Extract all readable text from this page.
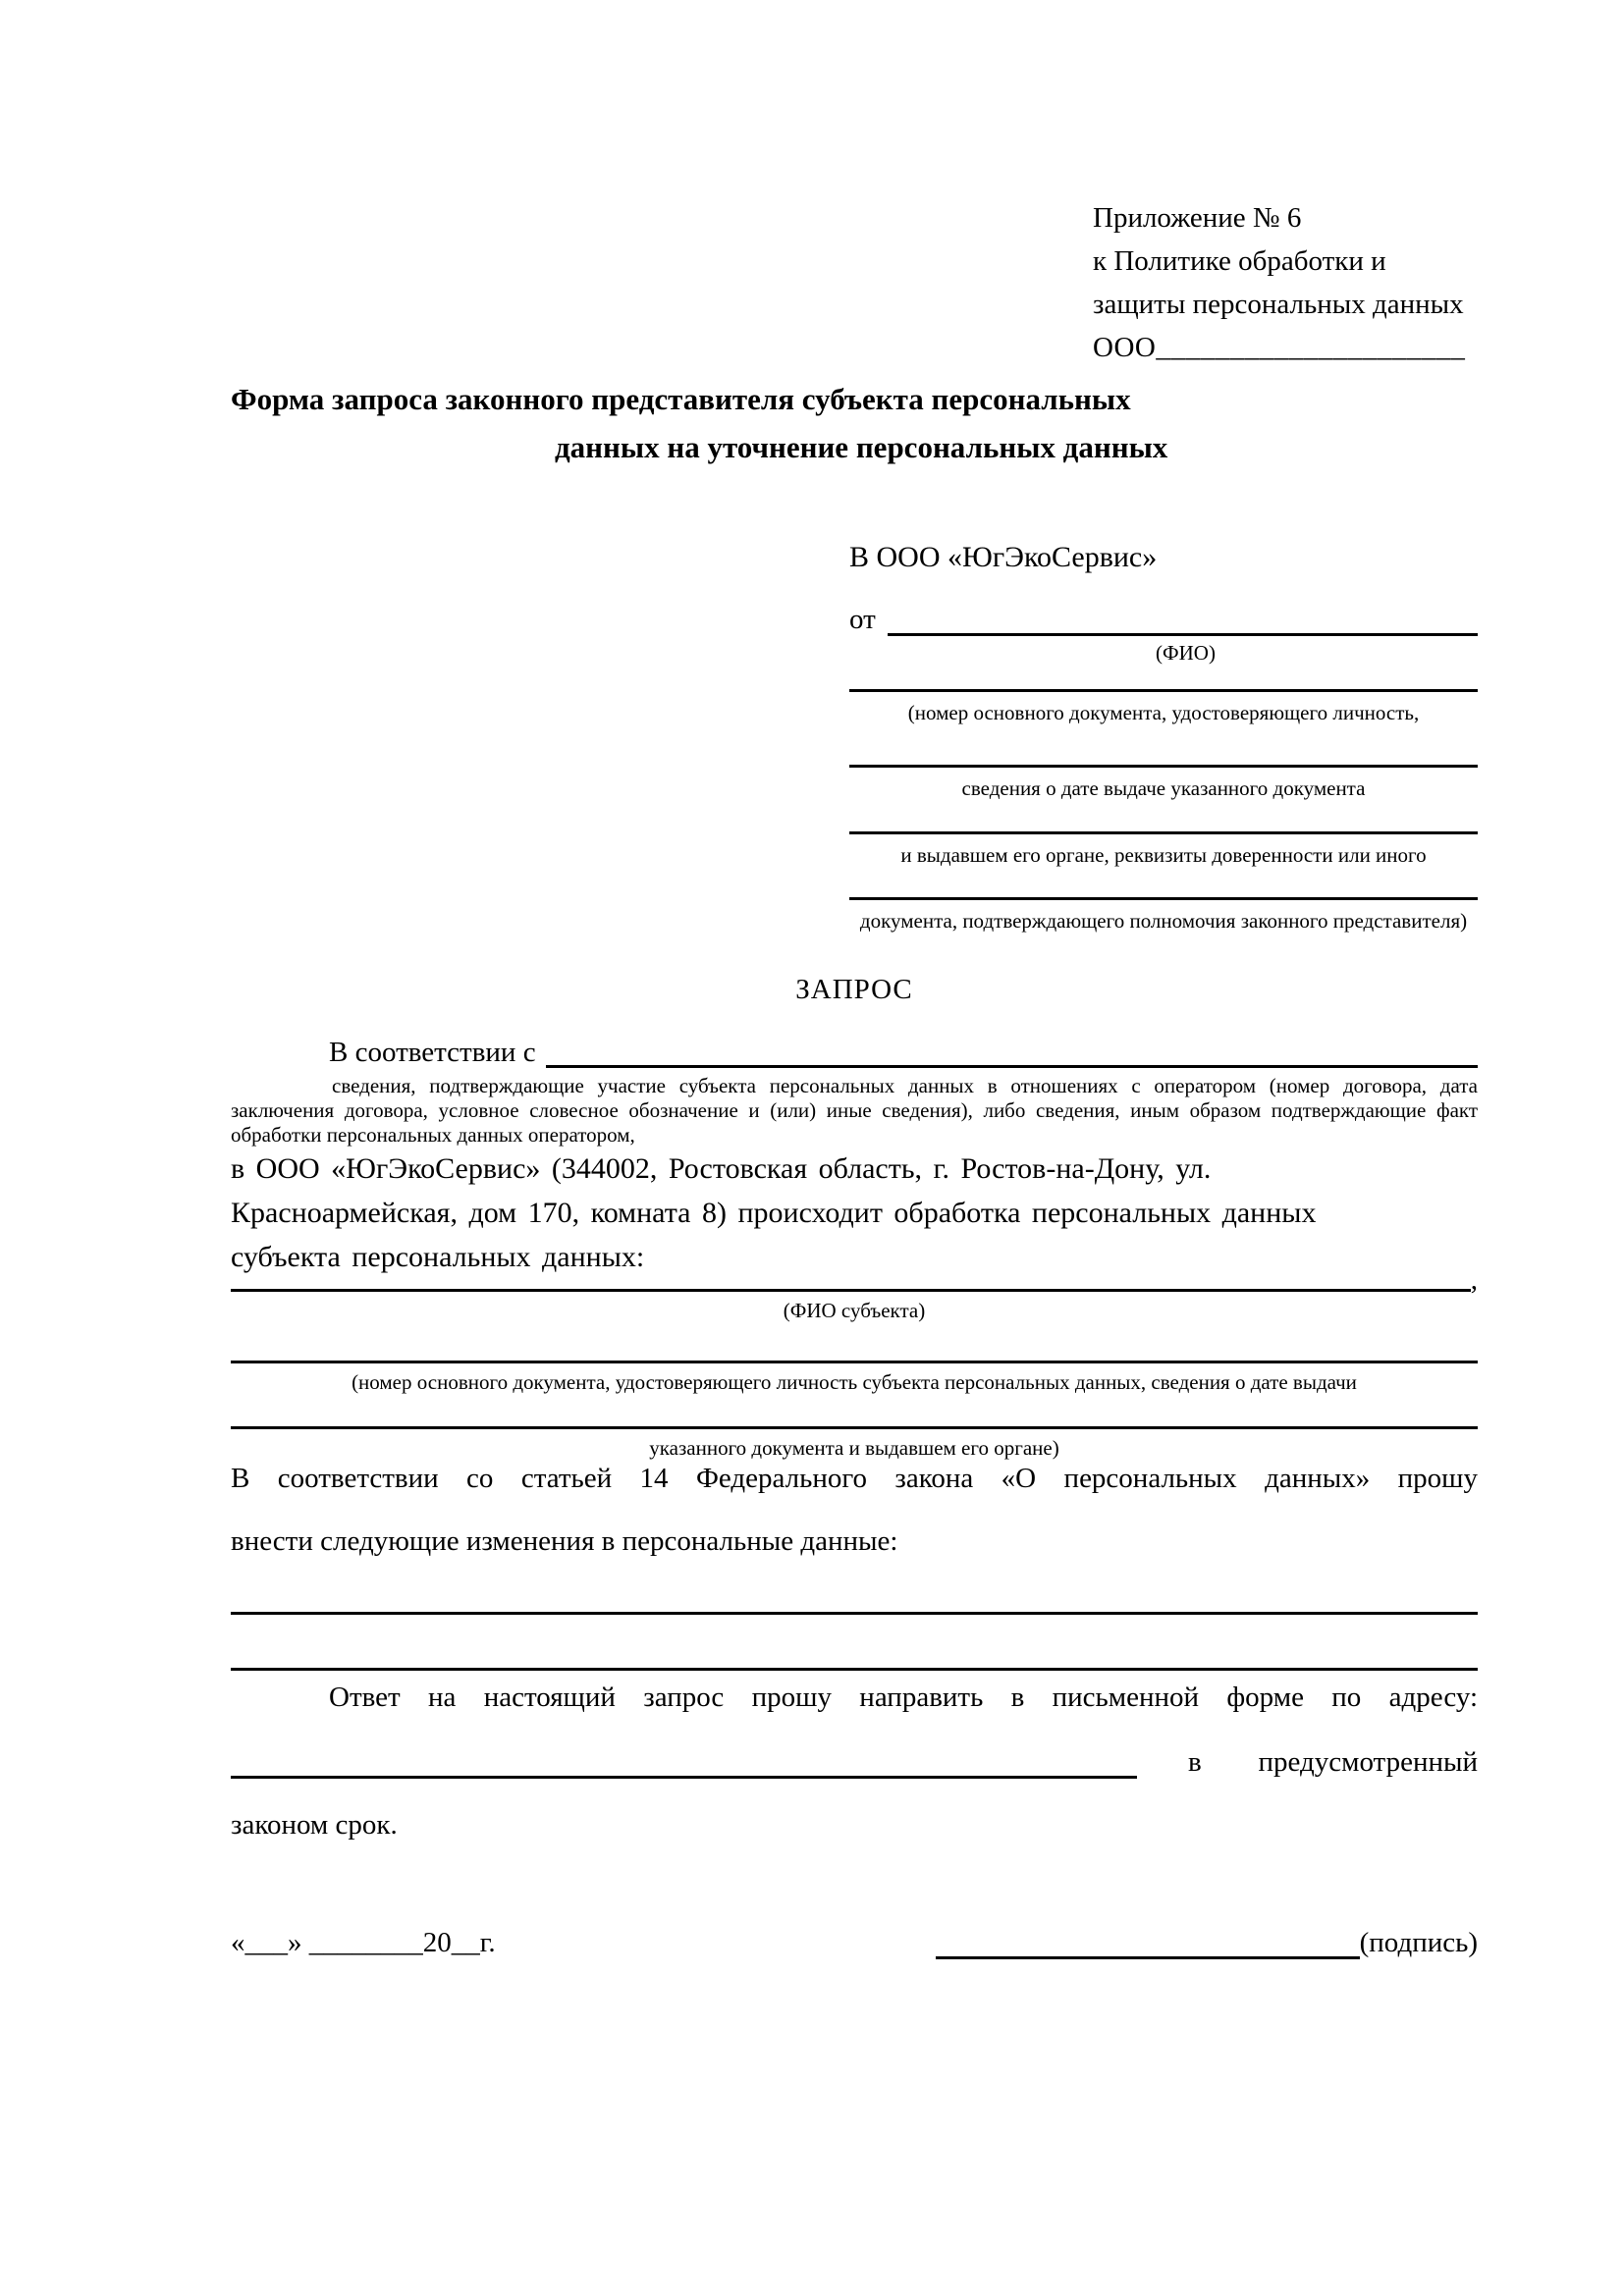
Приложение № 6
к Политике обработки и
защиты персональных данных
ООО_____________________
Форма запроса законного представителя субъекта персональных
данных на уточнение персональных данных
В ООО «ЮгЭкоСервис»
от
(ФИО)
(номер основного документа, удостоверяющего личность,
сведения о дате выдаче указанного документа
и выдавшем его органе, реквизиты доверенности или иного
документа, подтверждающего полномочия законного представителя)
ЗАПРОС
В соответствии с
сведения, подтверждающие участие субъекта персональных данных в отношениях с оператором (номер договора, дата
заключения договора, условное словесное обозначение и (или) иные сведения), либо сведения, иным образом подтверждающие факт
обработки персональных данных оператором,
в ООО «ЮгЭкоСервис» (344002, Ростовская область, г. Ростов-на-Дону, ул.
Красноармейская, дом 170, комната 8) происходит обработка персональных данных
субъекта персональных данных:
,
(ФИО субъекта)
(номер основного документа, удостоверяющего личность субъекта персональных данных, сведения о дате выдачи
указанного документа и выдавшем его органе)
В соответствии со статьей 14 Федерального закона «О персональных данных» прошу
внести следующие изменения в персональные данные:
Ответ на настоящий запрос прошу направить в письменной форме по адресу:
в предусмотренный
законом срок.
«___» ________20__г.	(подпись)
